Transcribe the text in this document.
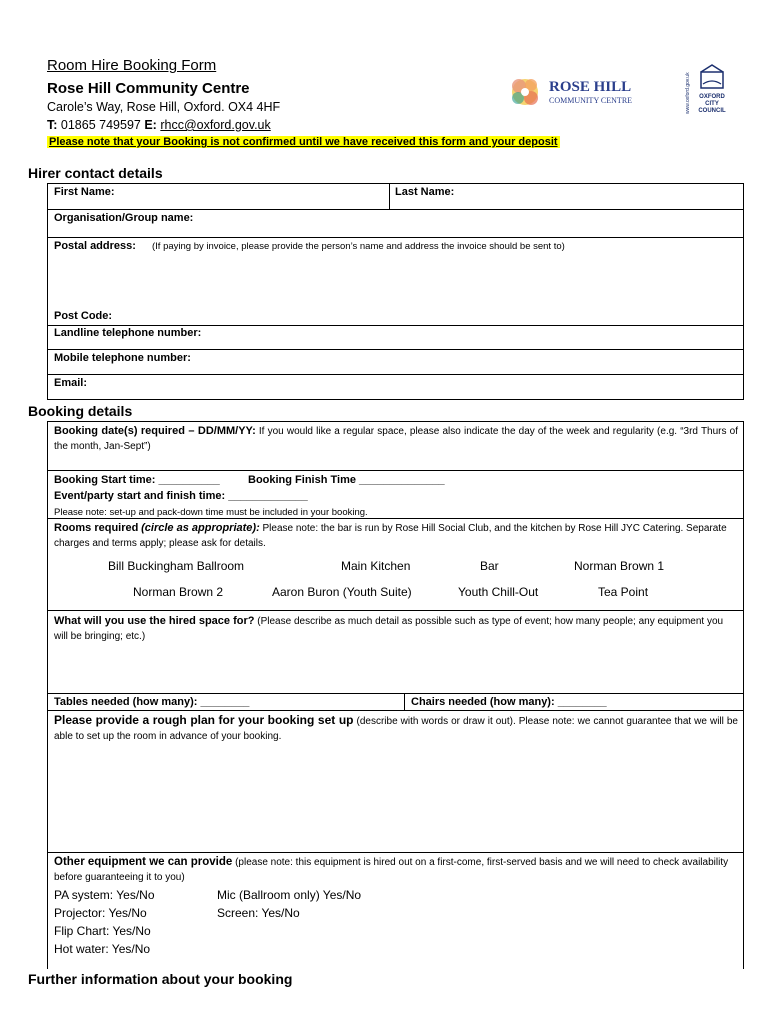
Room Hire Booking Form
Rose Hill Community Centre
Carole’s Way, Rose Hill, Oxford. OX4 4HF
T: 01865 749597 E: rhcc@oxford.gov.uk
Please note that your Booking is not confirmed until we have received this form and your deposit
ROSE HILL
COMMUNITY CENTRE	www.oxford.gov.uk OXFORD
CITY
COUNCIL
Hirer contact details
First Name:	Last Name:
Organisation/Group name:
Postal address: (If paying by invoice, please provide the person’s name and address the invoice should be sent to)
Post Code:
Landline telephone number:
Mobile telephone number:
Email:
Booking details
Booking date(s) required – DD/MM/YY: If you would like a regular space, please also indicate the day of the week and regularity (e.g. “3rd Thurs of the month, Jan-Sept”)
Booking Start time: __________	Booking Finish Time ______________
Event/party start and finish time: _____________
Please note: set-up and pack-down time must be included in your booking.
Rooms required (circle as appropriate): Please note: the bar is run by Rose Hill Social Club, and the kitchen by Rose Hill JYC Catering. Separate charges and terms apply; please ask for details.
Bill Buckingham Ballroom	Main Kitchen	Bar	Norman Brown 1
Norman Brown 2	Aaron Buron (Youth Suite)	Youth Chill-Out	Tea Point
What will you use the hired space for? (Please describe as much detail as possible such as type of event; how many people; any equipment you will be bringing; etc.)
Tables needed (how many): ________	Chairs needed (how many): ________
Please provide a rough plan for your booking set up (describe with words or draw it out). Please note: we cannot guarantee that we will be able to set up the room in advance of your booking.
Other equipment we can provide (please note: this equipment is hired out on a first-come, first-served basis and we will need to check availability before guaranteeing it to you)
PA system: Yes/No	Mic (Ballroom only) Yes/No
Projector: Yes/No	Screen: Yes/No
Flip Chart: Yes/No
Hot water: Yes/No
Further information about your booking
